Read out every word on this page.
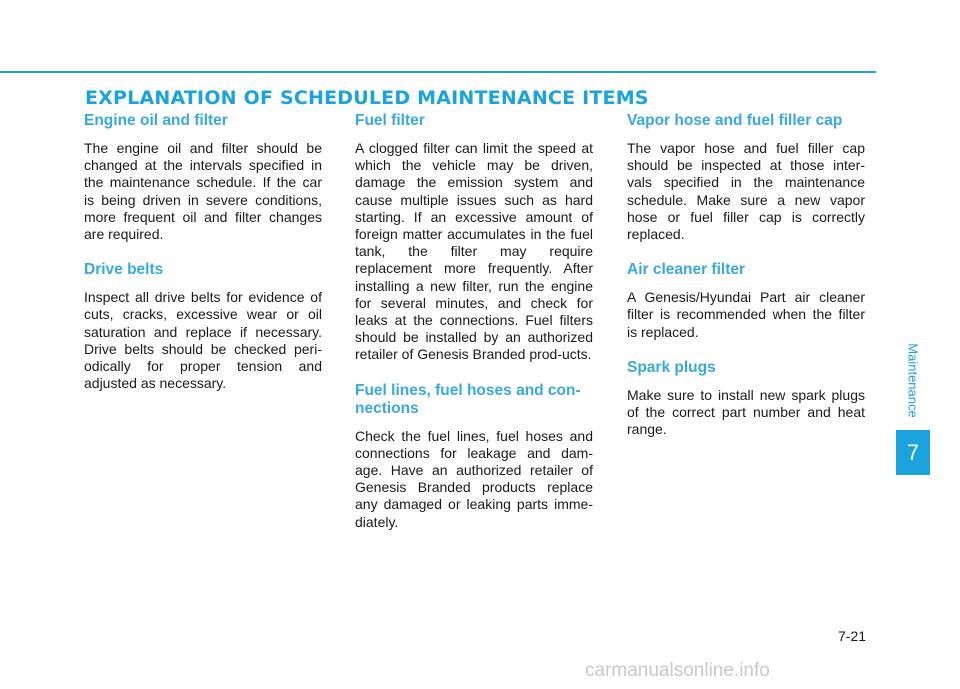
EXPLANATION OF SCHEDULED MAINTENANCE ITEMS
Engine oil and filter

The engine oil and filter should be changed at the intervals specified in the maintenance schedule. If the car is being driven in severe conditions, more frequent oil and filter changes are required.

Drive belts

Inspect all drive belts for evidence of cuts, cracks, excessive wear or oil saturation and replace if necessary. Drive belts should be checked peri-odically for proper tension and adjusted as necessary.

Fuel filter

A clogged filter can limit the speed at which the vehicle may be driven, damage the emission system and cause multiple issues such as hard starting. If an excessive amount of foreign matter accumulates in the fuel tank, the filter may require replacement more frequently. After installing a new filter, run the engine for several minutes, and check for leaks at the connections. Fuel filters should be installed by an authorized retailer of Genesis Branded prod-ucts.

Fuel lines, fuel hoses and con-nections

Check the fuel lines, fuel hoses and connections for leakage and dam-age. Have an authorized retailer of Genesis Branded products replace any damaged or leaking parts imme-diately.

Vapor hose and fuel filler cap

The vapor hose and fuel filler cap should be inspected at those inter-vals specified in the maintenance schedule. Make sure a new vapor hose or fuel filler cap is correctly replaced.

Air cleaner filter

A Genesis/Hyundai Part air cleaner filter is recommended when the filter is replaced.

Spark plugs

Make sure to install new spark plugs of the correct part number and heat range.

Maintenance
7
7-21
carmanualsonline.info
